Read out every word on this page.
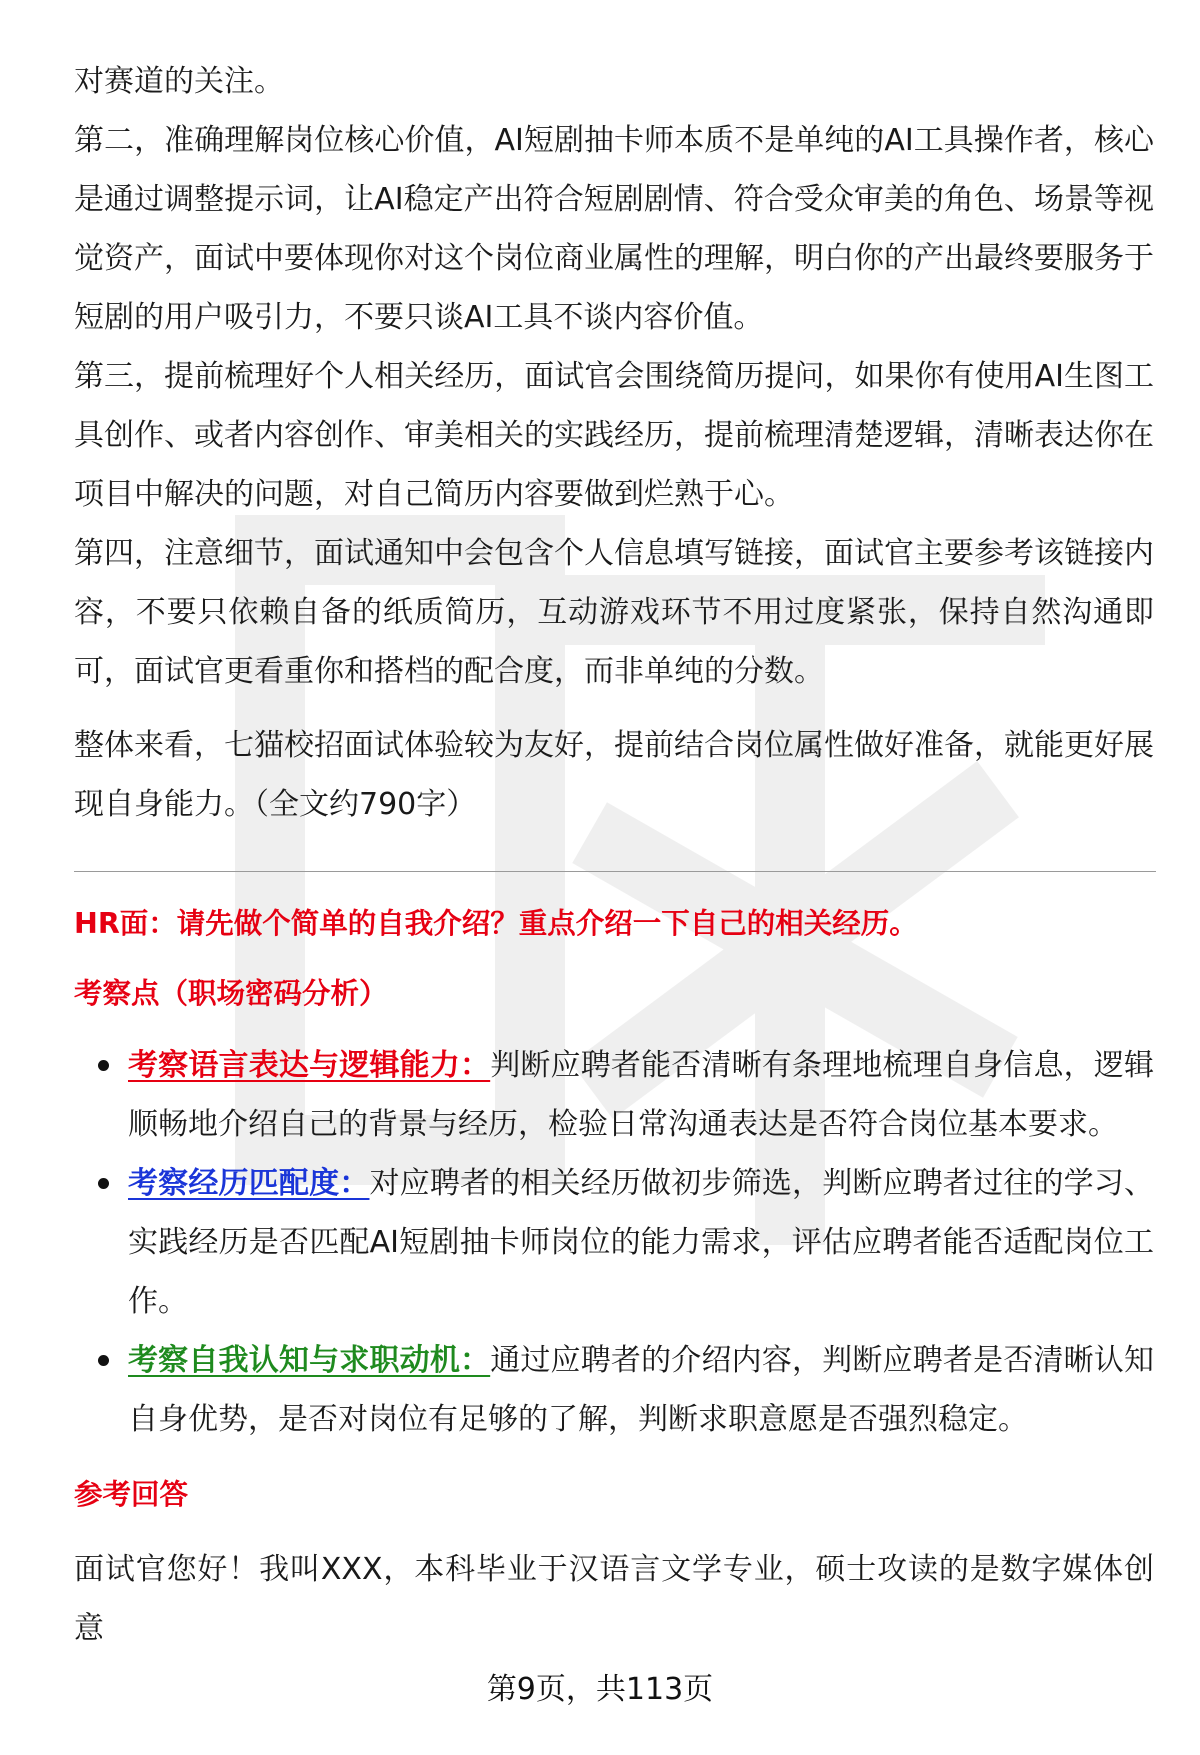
对赛道的关注。

第二，准确理解岗位核心价值，AI短剧抽卡师本质不是单纯的AI工具操作者，核心是通过调整提示词，让AI稳定产出符合短剧剧情、符合受众审美的角色、场景等视觉资产，面试中要体现你对这个岗位商业属性的理解，明白你的产出最终要服务于短剧的用户吸引力，不要只谈AI工具不谈内容价值。

第三，提前梳理好个人相关经历，面试官会围绕简历提问，如果你有使用AI生图工具创作、或者内容创作、审美相关的实践经历，提前梳理清楚逻辑，清晰表达你在项目中解决的问题，对自己简历内容要做到烂熟于心。

第四，注意细节，面试通知中会包含个人信息填写链接，面试官主要参考该链接内容，不要只依赖自备的纸质简历，互动游戏环节不用过度紧张，保持自然沟通即可，面试官更看重你和搭档的配合度，而非单纯的分数。

整体来看，七猫校招面试体验较为友好，提前结合岗位属性做好准备，就能更好展现自身能力。（全文约790字）

HR面：请先做个简单的自我介绍？重点介绍一下自己的相关经历。

考察点（职场密码分析）

考察语言表达与逻辑能力：判断应聘者能否清晰有条理地梳理自身信息，逻辑顺畅地介绍自己的背景与经历，检验日常沟通表达是否符合岗位基本要求。
考察经历匹配度：对应聘者的相关经历做初步筛选，判断应聘者过往的学习、实践经历是否匹配AI短剧抽卡师岗位的能力需求，评估应聘者能否适配岗位工作。
考察自我认知与求职动机：通过应聘者的介绍内容，判断应聘者是否清晰认知自身优势，是否对岗位有足够的了解，判断求职意愿是否强烈稳定。

参考回答

面试官您好！我叫XXX，本科毕业于汉语言文学专业，硕士攻读的是数字媒体创意

第9页，共113页
